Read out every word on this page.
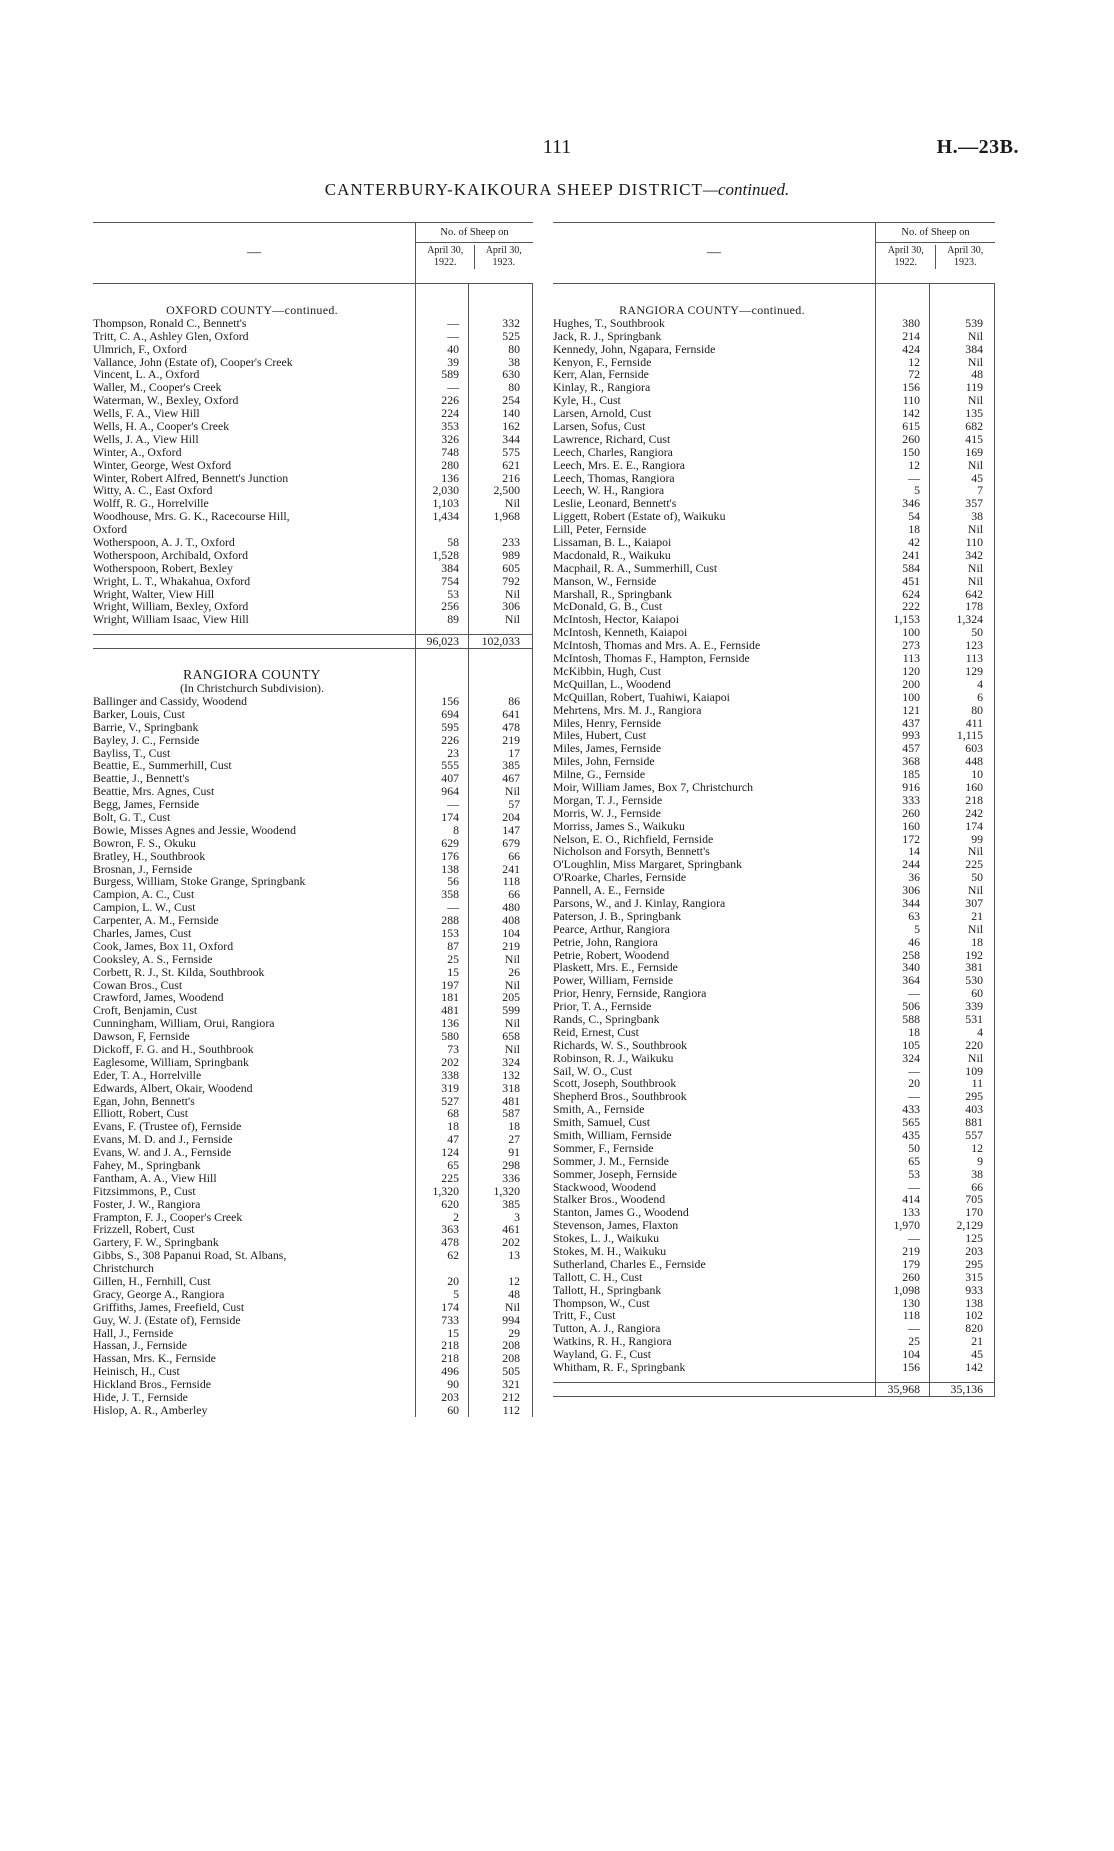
111	H.—23B.
CANTERBURY-KAIKOURA SHEEP DISTRICT—continued.
—
No. of Sheep on
April 30,
1922.
April 30,
1923.
OXFORD COUNTY—continued.
Thompson, Ronald C., Bennett's	—	332
Tritt, C. A., Ashley Glen, Oxford	—	525
Ulmrich, F., Oxford	40	80
Vallance, John (Estate of), Cooper's Creek	39	38
Vincent, L. A., Oxford	589	630
Waller, M., Cooper's Creek	—	80
Waterman, W., Bexley, Oxford	226	254
Wells, F. A., View Hill	224	140
Wells, H. A., Cooper's Creek	353	162
Wells, J. A., View Hill	326	344
Winter, A., Oxford	748	575
Winter, George, West Oxford	280	621
Winter, Robert Alfred, Bennett's Junction	136	216
Witty, A. C., East Oxford	2,030	2,500
Wolff, R. G., Horrelville	1,103	Nil
Woodhouse, Mrs. G. K., Racecourse Hill,	1,434	1,968
Oxford
Wotherspoon, A. J. T., Oxford	58	233
Wotherspoon, Archibald, Oxford	1,528	989
Wotherspoon, Robert, Bexley	384	605
Wright, L. T., Whakahua, Oxford	754	792
Wright, Walter, View Hill	53	Nil
Wright, William, Bexley, Oxford	256	306
Wright, William Isaac, View Hill	89	Nil
96,023	102,033
RANGIORA COUNTY
(In Christchurch Subdivision).
Ballinger and Cassidy, Woodend	156	86
Barker, Louis, Cust	694	641
Barrie, V., Springbank	595	478
Bayley, J. C., Fernside	226	219
Bayliss, T., Cust	23	17
Beattie, E., Summerhill, Cust	555	385
Beattie, J., Bennett's	407	467
Beattie, Mrs. Agnes, Cust	964	Nil
Begg, James, Fernside	—	57
Bolt, G. T., Cust	174	204
Bowie, Misses Agnes and Jessie, Woodend	8	147
Bowron, F. S., Okuku	629	679
Bratley, H., Southbrook	176	66
Brosnan, J., Fernside	138	241
Burgess, William, Stoke Grange, Springbank	56	118
Campion, A. C., Cust	358	66
Campion, L. W., Cust	—	480
Carpenter, A. M., Fernside	288	408
Charles, James, Cust	153	104
Cook, James, Box 11, Oxford	87	219
Cooksley, A. S., Fernside	25	Nil
Corbett, R. J., St. Kilda, Southbrook	15	26
Cowan Bros., Cust	197	Nil
Crawford, James, Woodend	181	205
Croft, Benjamin, Cust	481	599
Cunningham, William, Orui, Rangiora	136	Nil
Dawson, F, Fernside	580	658
Dickoff, F. G. and H., Southbrook	73	Nil
Eaglesome, William, Springbank	202	324
Eder, T. A., Horrelville	338	132
Edwards, Albert, Okair, Woodend	319	318
Egan, John, Bennett's	527	481
Elliott, Robert, Cust	68	587
Evans, F. (Trustee of), Fernside	18	18
Evans, M. D. and J., Fernside	47	27
Evans, W. and J. A., Fernside	124	91
Fahey, M., Springbank	65	298
Fantham, A. A., View Hill	225	336
Fitzsimmons, P., Cust	1,320	1,320
Foster, J. W., Rangiora	620	385
Frampton, F. J., Cooper's Creek	2	3
Frizzell, Robert, Cust	363	461
Gartery, F. W., Springbank	478	202
Gibbs, S., 308 Papanui Road, St. Albans,	62	13
Christchurch
Gillen, H., Fernhill, Cust	20	12
Gracy, George A., Rangiora	5	48
Griffiths, James, Freefield, Cust	174	Nil
Guy, W. J. (Estate of), Fernside	733	994
Hall, J., Fernside	15	29
Hassan, J., Fernside	218	208
Hassan, Mrs. K., Fernside	218	208
Heinisch, H., Cust	496	505
Hickland Bros., Fernside	90	321
Hide, J. T., Fernside	203	212
Hislop, A. R., Amberley	60	112
—
No. of Sheep on
April 30,
1922.
April 30,
1923.
RANGIORA COUNTY—continued.
Hughes, T., Southbrook	380	539
Jack, R. J., Springbank	214	Nil
Kennedy, John, Ngapara, Fernside	424	384
Kenyon, F., Fernside	12	Nil
Kerr, Alan, Fernside	72	48
Kinlay, R., Rangiora	156	119
Kyle, H., Cust	110	Nil
Larsen, Arnold, Cust	142	135
Larsen, Sofus, Cust	615	682
Lawrence, Richard, Cust	260	415
Leech, Charles, Rangiora	150	169
Leech, Mrs. E. E., Rangiora	12	Nil
Leech, Thomas, Rangiora	—	45
Leech, W. H., Rangiora	5	7
Leslie, Leonard, Bennett's	346	357
Liggett, Robert (Estate of), Waikuku	54	38
Lill, Peter, Fernside	18	Nil
Lissaman, B. L., Kaiapoi	42	110
Macdonald, R., Waikuku	241	342
Macphail, R. A., Summerhill, Cust	584	Nil
Manson, W., Fernside	451	Nil
Marshall, R., Springbank	624	642
McDonald, G. B., Cust	222	178
McIntosh, Hector, Kaiapoi	1,153	1,324
McIntosh, Kenneth, Kaiapoi	100	50
McIntosh, Thomas and Mrs. A. E., Fernside	273	123
McIntosh, Thomas F., Hampton, Fernside	113	113
McKibbin, Hugh, Cust	120	129
McQuillan, L., Woodend	200	4
McQuillan, Robert, Tuahiwi, Kaiapoi	100	6
Mehrtens, Mrs. M. J., Rangiora	121	80
Miles, Henry, Fernside	437	411
Miles, Hubert, Cust	993	1,115
Miles, James, Fernside	457	603
Miles, John, Fernside	368	448
Milne, G., Fernside	185	10
Moir, William James, Box 7, Christchurch	916	160
Morgan, T. J., Fernside	333	218
Morris, W. J., Fernside	260	242
Morriss, James S., Waikuku	160	174
Nelson, E. O., Richfield, Fernside	172	99
Nicholson and Forsyth, Bennett's	14	Nil
O'Loughlin, Miss Margaret, Springbank	244	225
O'Roarke, Charles, Fernside	36	50
Pannell, A. E., Fernside	306	Nil
Parsons, W., and J. Kinlay, Rangiora	344	307
Paterson, J. B., Springbank	63	21
Pearce, Arthur, Rangiora	5	Nil
Petrie, John, Rangiora	46	18
Petrie, Robert, Woodend	258	192
Plaskett, Mrs. E., Fernside	340	381
Power, William, Fernside	364	530
Prior, Henry, Fernside, Rangiora	—	60
Prior, T. A., Fernside	506	339
Rands, C., Springbank	588	531
Reid, Ernest, Cust	18	4
Richards, W. S., Southbrook	105	220
Robinson, R. J., Waikuku	324	Nil
Sail, W. O., Cust	—	109
Scott, Joseph, Southbrook	20	11
Shepherd Bros., Southbrook	—	295
Smith, A., Fernside	433	403
Smith, Samuel, Cust	565	881
Smith, William, Fernside	435	557
Sommer, F., Fernside	50	12
Sommer, J. M., Fernside	65	9
Sommer, Joseph, Fernside	53	38
Stackwood, Woodend	—	66
Stalker Bros., Woodend	414	705
Stanton, James G., Woodend	133	170
Stevenson, James, Flaxton	1,970	2,129
Stokes, L. J., Waikuku	—	125
Stokes, M. H., Waikuku	219	203
Sutherland, Charles E., Fernside	179	295
Tallott, C. H., Cust	260	315
Tallott, H., Springbank	1,098	933
Thompson, W., Cust	130	138
Tritt, F., Cust	118	102
Tutton, A. J., Rangiora	—	820
Watkins, R. H., Rangiora	25	21
Wayland, G. F., Cust	104	45
Whitham, R. F., Springbank	156	142
35,968	35,136
